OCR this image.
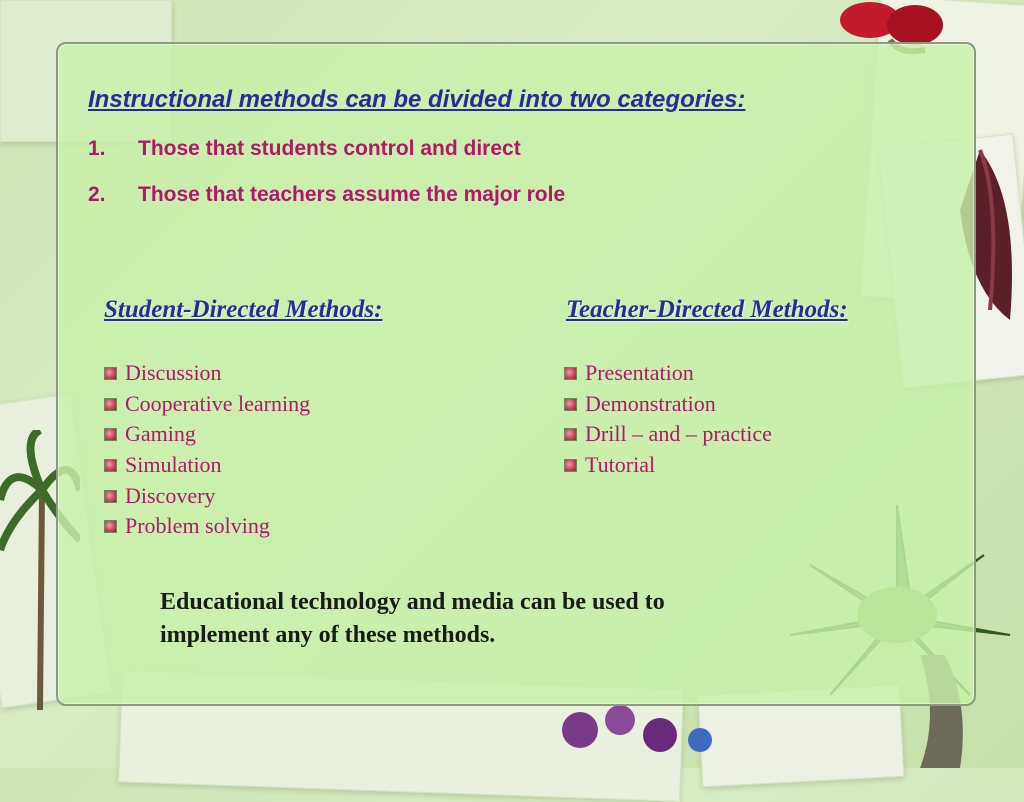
Instructional methods can be divided into two categories:
1. Those that students control and direct
2. Those that teachers assume the major role
Student-Directed Methods:	Teacher-Directed Methods:
Discussion
Cooperative learning
Gaming
Simulation
Discovery
Problem solving
Presentation
Demonstration
Drill – and – practice
Tutorial

Educational technology and media can be used to implement any of these methods.
